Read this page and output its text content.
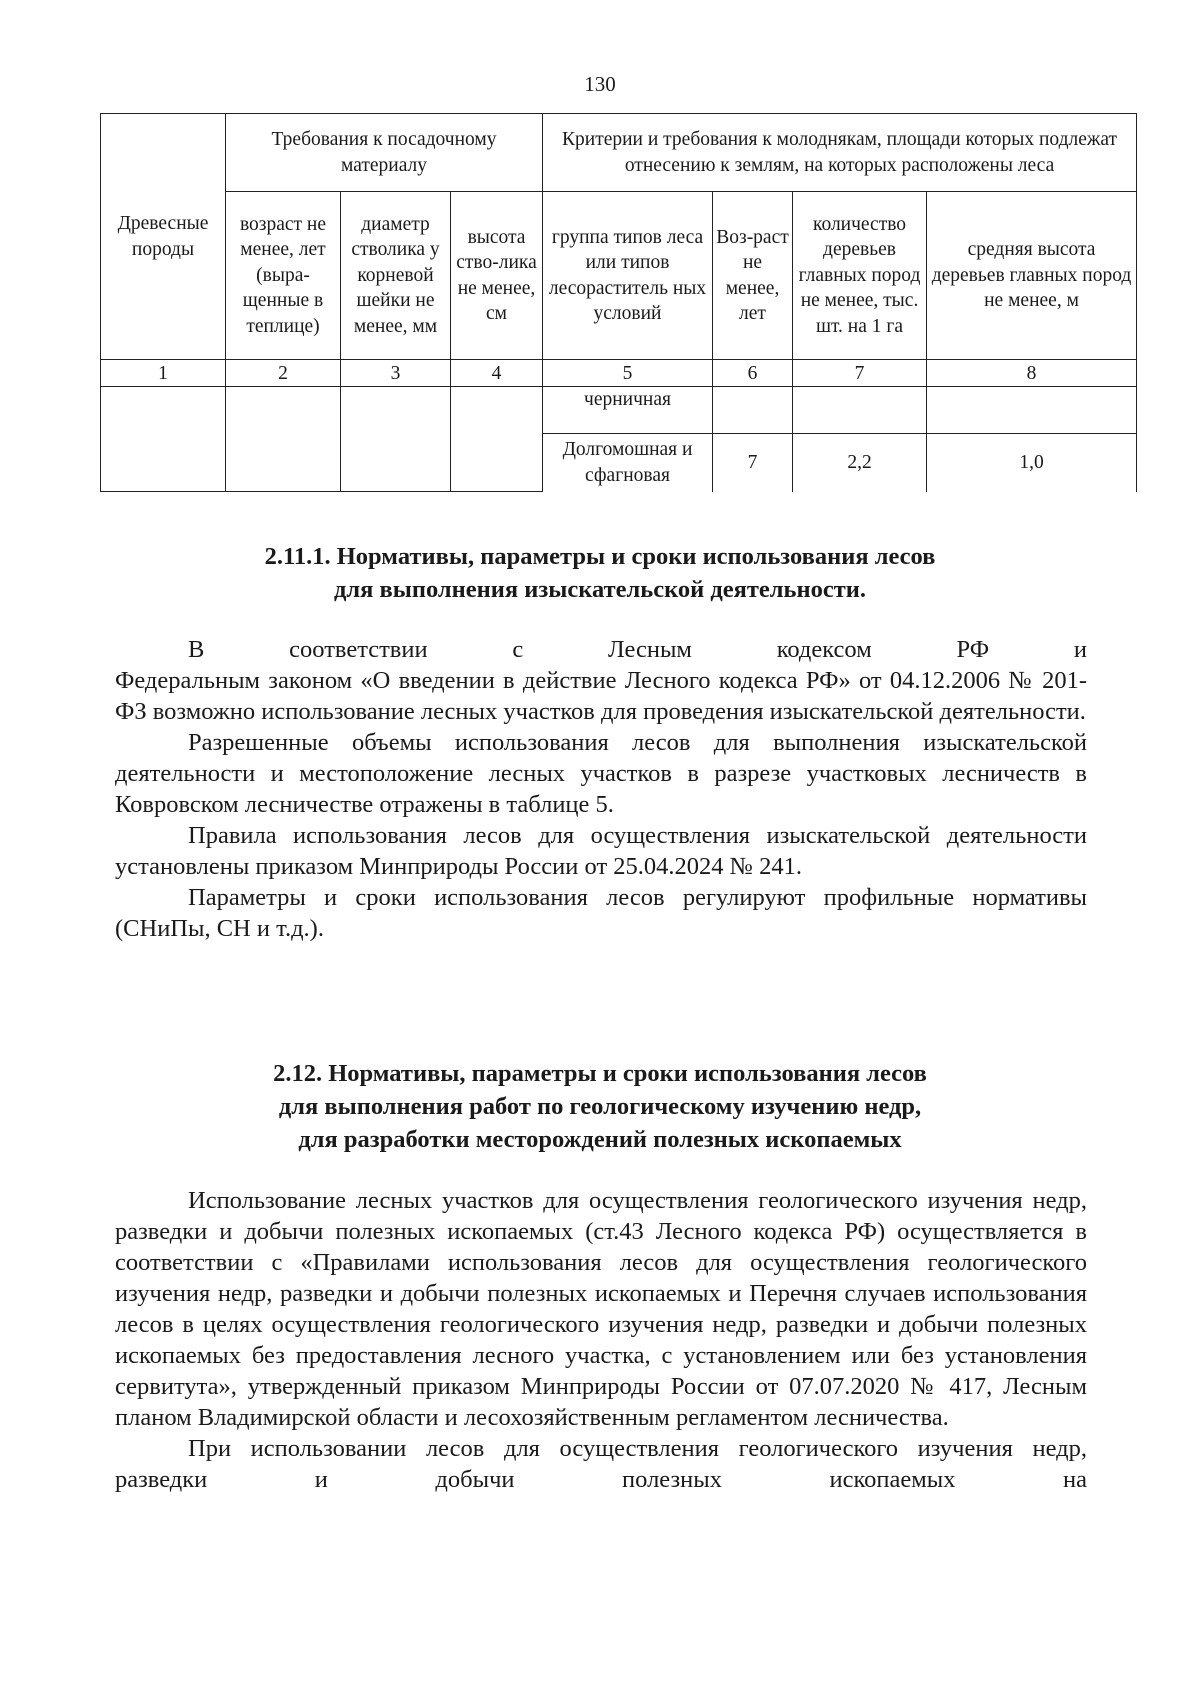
130
Древесные породы	Требования к посадочному материалу			Критерии и требования к молоднякам, площади которых подлежат отнесению к землям, на которых расположены леса			
	возраст не менее, лет (выра-щенные в теплице)	диаметр стволика у корневой шейки не менее, мм	высота ство-лика не менее, см	группа типов леса или типов лесораститель ных условий	Воз-раст не менее, лет	количество деревьев главных пород не менее, тыс. шт. на 1 га	средняя высота деревьев главных пород не менее, м
1	2	3	4	5	6	7	8
				черничная			
				Долгомошная и сфагновая	7	2,2	1,0
2.11.1. Нормативы, параметры и сроки использования лесов
для выполнения изыскательской деятельности.

В соответствии с Лесным кодексом РФ и

Федеральным законом «О введении в действие Лесного кодекса РФ» от 04.12.2006 № 201-ФЗ возможно использование лесных участков для проведения изыскательской деятельности.

Разрешенные объемы использования лесов для выполнения изыскательской деятельности и местоположение лесных участков в разрезе участковых лесничеств в Ковровском лесничестве отражены в таблице 5.

Правила использования лесов для осуществления изыскательской деятельности установлены приказом Минприроды России от 25.04.2024 № 241.

Параметры и сроки использования лесов регулируют профильные нормативы (СНиПы, СН и т.д.).

2.12. Нормативы, параметры и сроки использования лесов
для выполнения работ по геологическому изучению недр,
для разработки месторождений полезных ископаемых

Использование лесных участков для осуществления геологического изучения недр, разведки и добычи полезных ископаемых (ст.43 Лесного кодекса РФ) осуществляется в соответствии с «Правилами использования лесов для осуществления геологического изучения недр, разведки и добычи полезных ископаемых и Перечня случаев использования лесов в целях осуществления геологического изучения недр, разведки и добычи полезных ископаемых без предоставления лесного участка, с установлением или без установления сервитута», утвержденный приказом Минприроды России от 07.07.2020 № 417, Лесным планом Владимирской области и лесохозяйственным регламентом лесничества.

При использовании лесов для осуществления геологического изучения недр, разведки и добычи полезных ископаемых на
